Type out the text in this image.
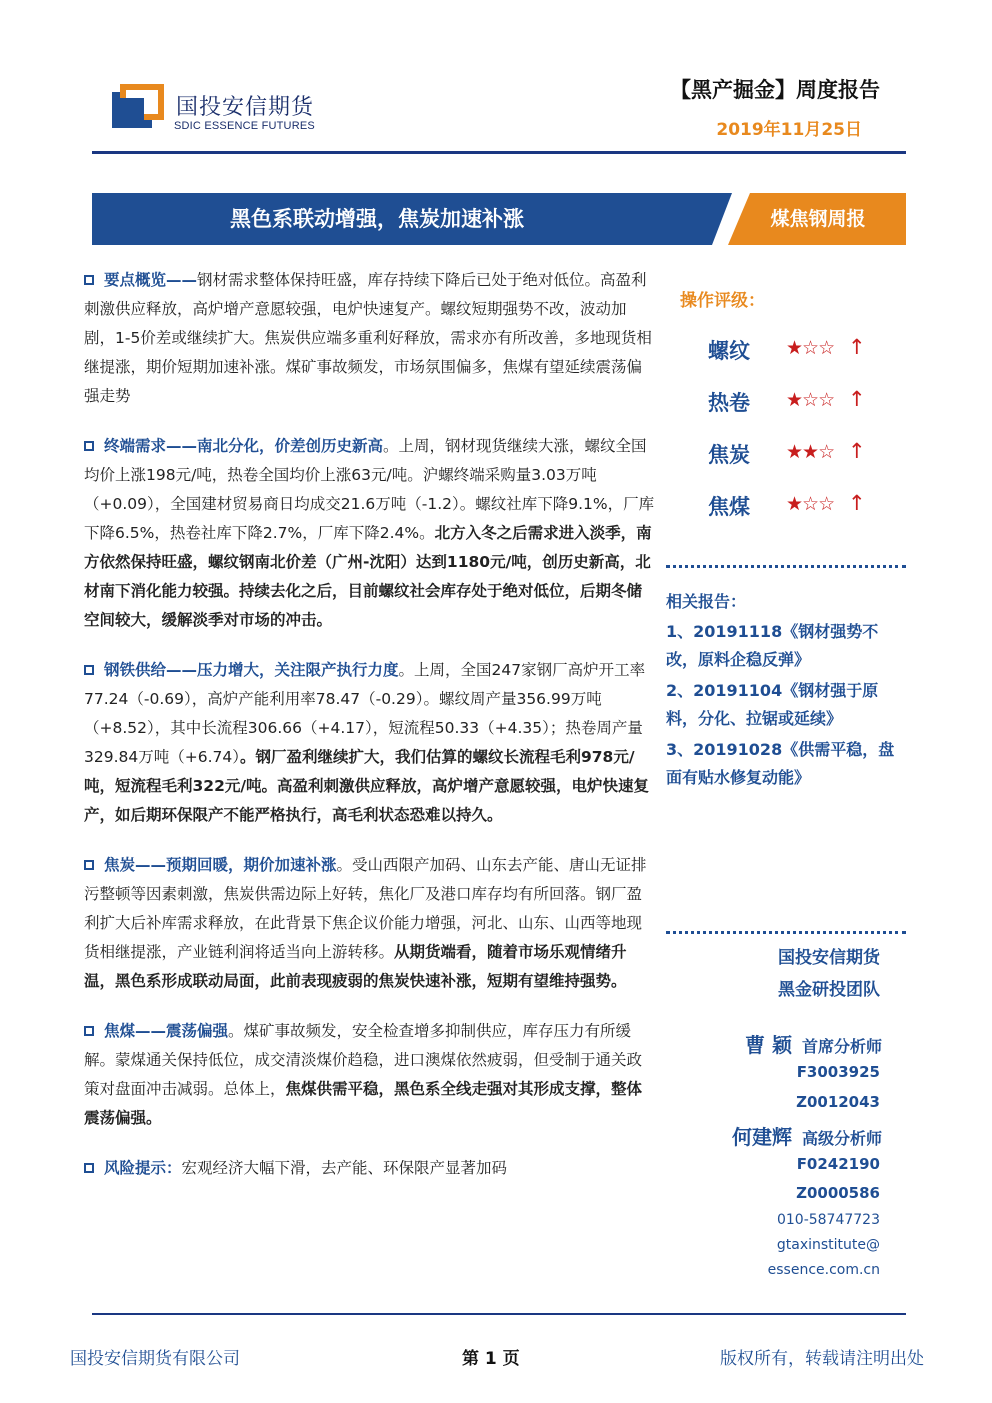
国投安信期货
SDIC ESSENCE FUTURES
【黑产掘金】周度报告
2019年11月25日
黑色系联动增强，焦炭加速补涨	煤焦钢周报

要点概览——钢材需求整体保持旺盛，库存持续下降后已处于绝对低位。高盈利刺激供应释放，高炉增产意愿较强，电炉快速复产。螺纹短期强势不改，波动加剧，1-5价差或继续扩大。焦炭供应端多重利好释放，需求亦有所改善，多地现货相继提涨，期价短期加速补涨。煤矿事故频发，市场氛围偏多，焦煤有望延续震荡偏强走势

终端需求——南北分化，价差创历史新高。上周，钢材现货继续大涨，螺纹全国均价上涨198元/吨，热卷全国均价上涨63元/吨。沪螺终端采购量3.03万吨（+0.09），全国建材贸易商日均成交21.6万吨（-1.2）。螺纹社库下降9.1%，厂库下降6.5%，热卷社库下降2.7%，厂库下降2.4%。北方入冬之后需求进入淡季，南方依然保持旺盛，螺纹钢南北价差（广州-沈阳）达到1180元/吨，创历史新高，北材南下消化能力较强。持续去化之后，目前螺纹社会库存处于绝对低位，后期冬储空间较大，缓解淡季对市场的冲击。

钢铁供给——压力增大，关注限产执行力度。上周，全国247家钢厂高炉开工率77.24（-0.69），高炉产能利用率78.47（-0.29）。螺纹周产量356.99万吨（+8.52），其中长流程306.66（+4.17），短流程50.33（+4.35）；热卷周产量329.84万吨（+6.74）。钢厂盈利继续扩大，我们估算的螺纹长流程毛利978元/吨，短流程毛利322元/吨。高盈利刺激供应释放，高炉增产意愿较强，电炉快速复产，如后期环保限产不能严格执行，高毛利状态恐难以持久。

焦炭——预期回暖，期价加速补涨。受山西限产加码、山东去产能、唐山无证排污整顿等因素刺激，焦炭供需边际上好转，焦化厂及港口库存均有所回落。钢厂盈利扩大后补库需求释放，在此背景下焦企议价能力增强，河北、山东、山西等地现货相继提涨，产业链利润将适当向上游转移。从期货端看，随着市场乐观情绪升温，黑色系形成联动局面，此前表现疲弱的焦炭快速补涨，短期有望维持强势。

焦煤——震荡偏强。煤矿事故频发，安全检查增多抑制供应，库存压力有所缓解。蒙煤通关保持低位，成交清淡煤价趋稳，进口澳煤依然疲弱，但受制于通关政策对盘面冲击减弱。总体上，焦煤供需平稳，黑色系全线走强对其形成支撑，整体震荡偏强。

风险提示：宏观经济大幅下滑，去产能、环保限产显著加码

操作评级：
螺纹 ★☆☆ ↑
热卷 ★☆☆ ↑
焦炭 ★★☆ ↑
焦煤 ★☆☆ ↑
相关报告：
1、20191118《钢材强势不改，原料企稳反弹》
2、20191104《钢材强于原料，分化、拉锯或延续》
3、20191028《供需平稳，盘面有贴水修复动能》
国投安信期货
黑金研投团队
曹 颖 首席分析师
F3003925
Z0012043
何建辉 高级分析师
F0242190
Z0000586
010-58747723
gtaxinstitute@
essence.com.cn
国投安信期货有限公司	第 1 页	版权所有，转载请注明出处
